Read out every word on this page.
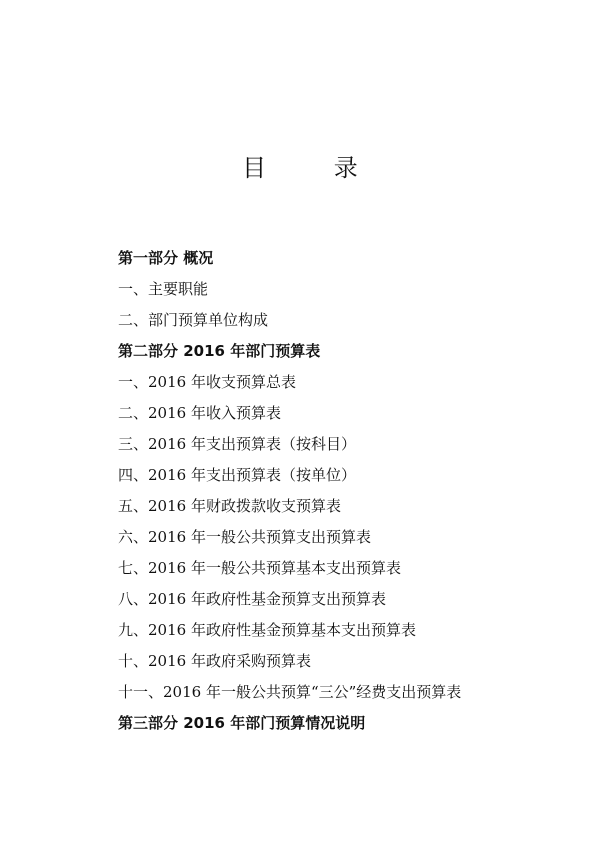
目 录
第一部分 概况
一、主要职能
二、部门预算单位构成
第二部分 2016 年部门预算表
一、2016 年收支预算总表
二、2016 年收入预算表
三、2016 年支出预算表（按科目）
四、2016 年支出预算表（按单位）
五、2016 年财政拨款收支预算表
六、2016 年一般公共预算支出预算表
七、2016 年一般公共预算基本支出预算表
八、2016 年政府性基金预算支出预算表
九、2016 年政府性基金预算基本支出预算表
十、2016 年政府采购预算表
十一、2016 年一般公共预算“三公”经费支出预算表
第三部分 2016 年部门预算情况说明
